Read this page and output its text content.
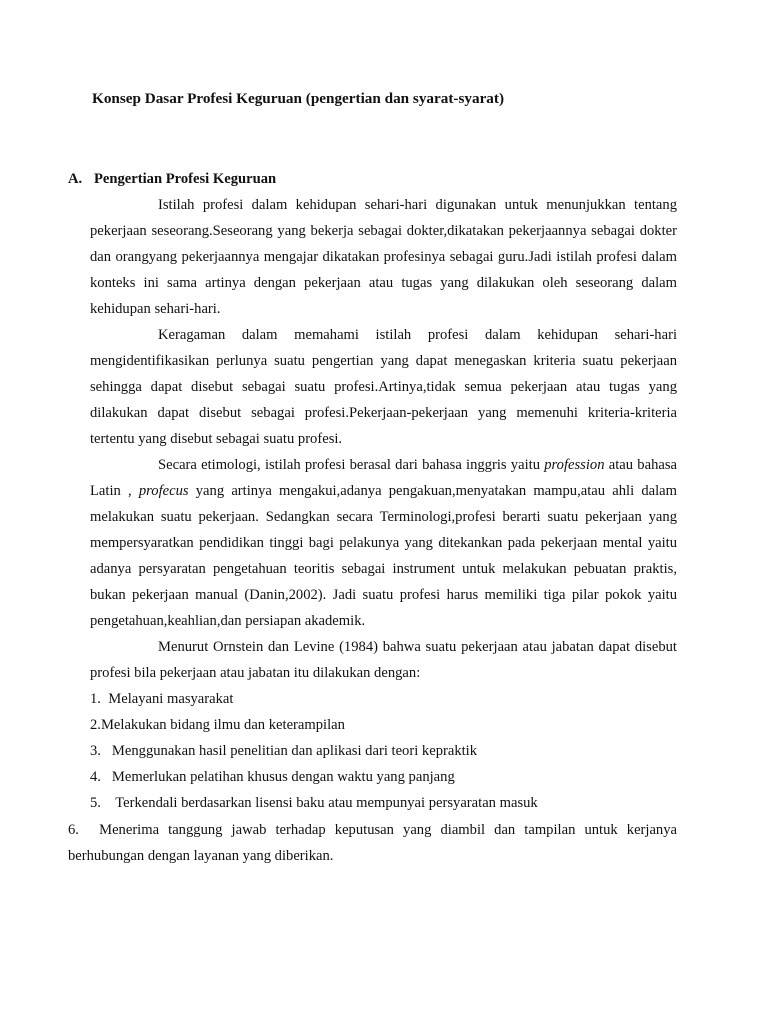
Konsep Dasar Profesi Keguruan (pengertian dan syarat-syarat)
A. Pengertian Profesi Keguruan

Istilah profesi dalam kehidupan sehari-hari digunakan untuk menunjukkan tentang pekerjaan seseorang.Seseorang yang bekerja sebagai dokter,dikatakan pekerjaannya sebagai dokter dan orangyang pekerjaannya mengajar dikatakan profesinya sebagai guru.Jadi istilah profesi dalam konteks ini sama artinya dengan pekerjaan atau tugas yang dilakukan oleh seseorang dalam kehidupan sehari-hari.

Keragaman dalam memahami istilah profesi dalam kehidupan sehari-hari mengidentifikasikan perlunya suatu pengertian yang dapat menegaskan kriteria suatu pekerjaan sehingga dapat disebut sebagai suatu profesi.Artinya,tidak semua pekerjaan atau tugas yang dilakukan dapat disebut sebagai profesi.Pekerjaan-pekerjaan yang memenuhi kriteria-kriteria tertentu yang disebut sebagai suatu profesi.

Secara etimologi, istilah profesi berasal dari bahasa inggris yaitu profession atau bahasa Latin , profecus yang artinya mengakui,adanya pengakuan,menyatakan mampu,atau ahli dalam melakukan suatu pekerjaan. Sedangkan secara Terminologi,profesi berarti suatu pekerjaan yang mempersyaratkan pendidikan tinggi bagi pelakunya yang ditekankan pada pekerjaan mental yaitu adanya persyaratan pengetahuan teoritis sebagai instrument untuk melakukan pebuatan praktis, bukan pekerjaan manual (Danin,2002). Jadi suatu profesi harus memiliki tiga pilar pokok yaitu pengetahuan,keahlian,dan persiapan akademik.

Menurut Ornstein dan Levine (1984) bahwa suatu pekerjaan atau jabatan dapat disebut profesi bila pekerjaan atau jabatan itu dilakukan dengan:

1.  Melayani masyarakat

2.Melakukan bidang ilmu dan keterampilan

3.   Menggunakan hasil penelitian dan aplikasi dari teori kepraktik

4.   Memerlukan pelatihan khusus dengan waktu yang panjang

5.    Terkendali berdasarkan lisensi baku atau mempunyai persyaratan masuk

6. Menerima tanggung jawab terhadap keputusan yang diambil dan tampilan untuk kerjanya berhubungan dengan layanan yang diberikan.
